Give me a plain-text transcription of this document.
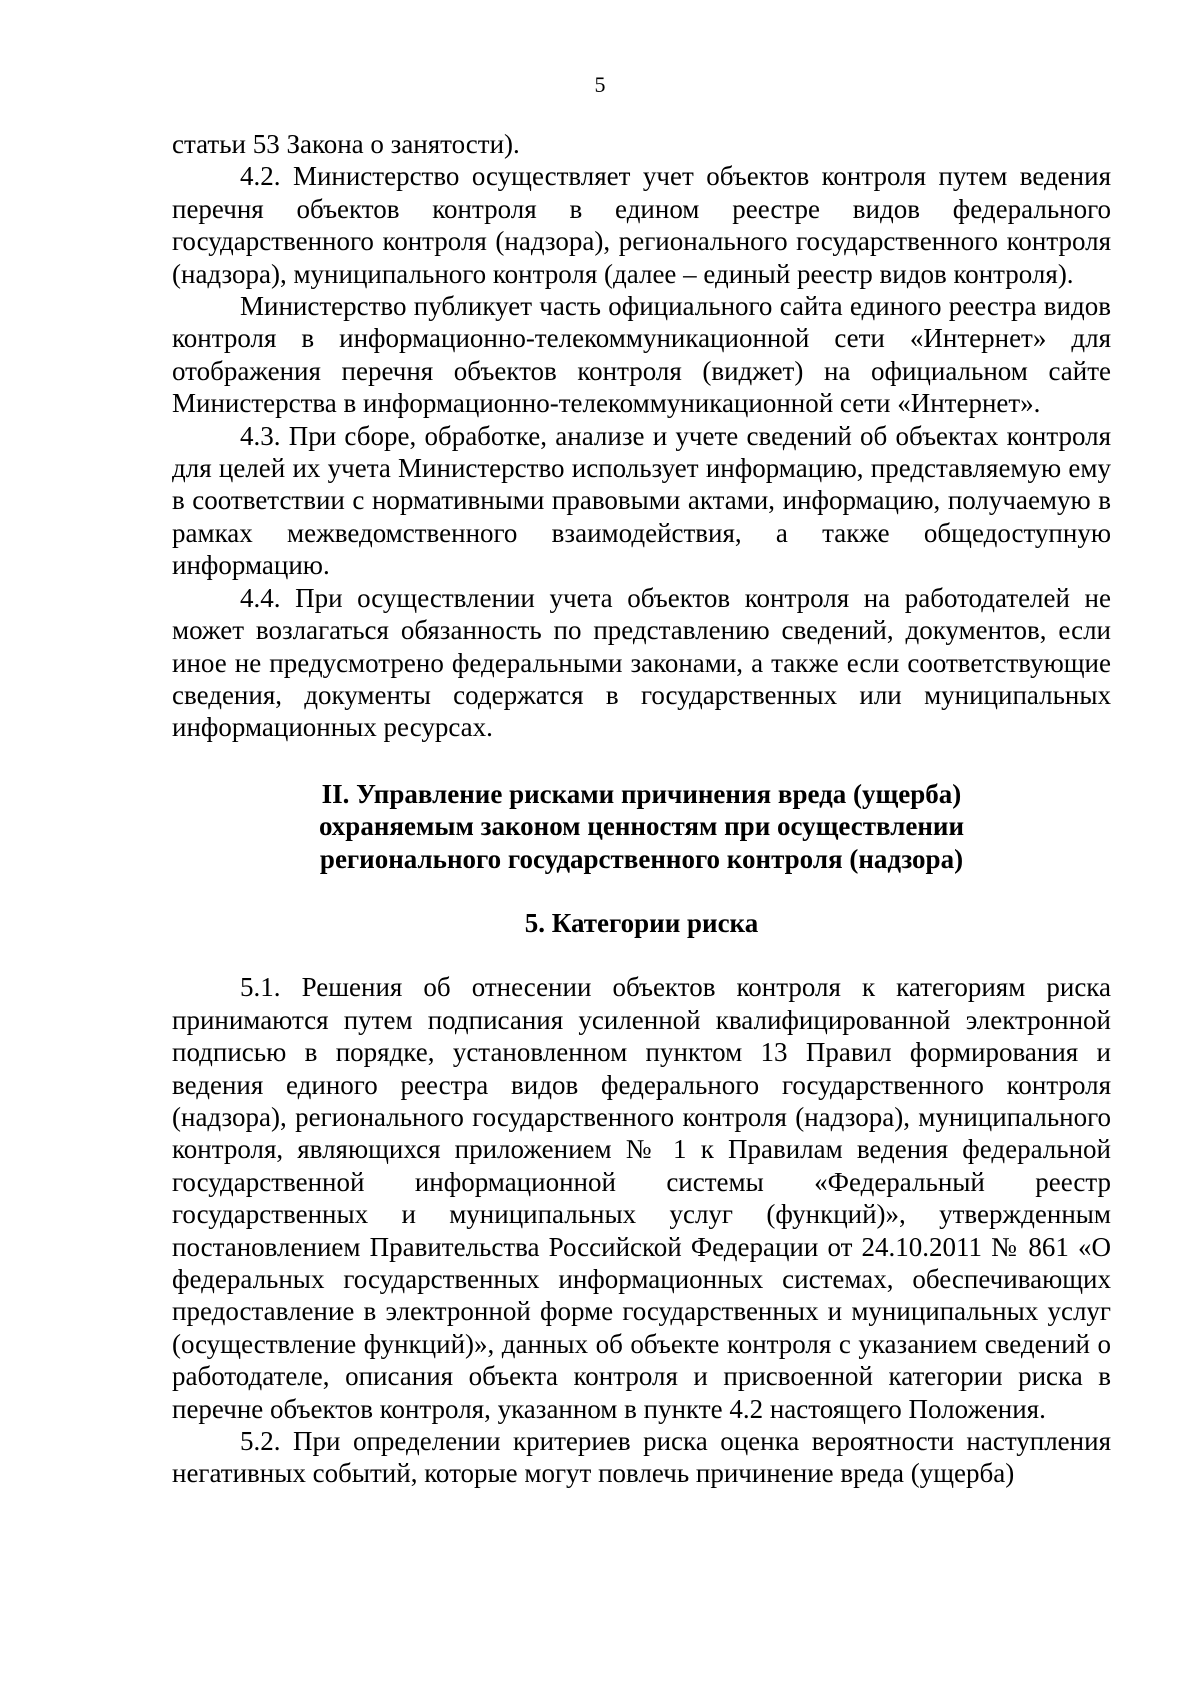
5

статьи 53 Закона о занятости).

4.2. Министерство осуществляет учет объектов контроля путем ведения перечня объектов контроля в едином реестре видов федерального государственного контроля (надзора), регионального государственного контроля (надзора), муниципального контроля (далее – единый реестр видов контроля).

Министерство публикует часть официального сайта единого реестра видов контроля в информационно-телекоммуникационной сети «Интернет» для отображения перечня объектов контроля (виджет) на официальном сайте Министерства в информационно-телекоммуникационной сети «Интернет».

4.3. При сборе, обработке, анализе и учете сведений об объектах контроля для целей их учета Министерство использует информацию, представляемую ему в соответствии с нормативными правовыми актами, информацию, получаемую в рамках межведомственного взаимодействия, а также общедоступную информацию.

4.4. При осуществлении учета объектов контроля на работодателей не может возлагаться обязанность по представлению сведений, документов, если иное не предусмотрено федеральными законами, а также если соответствующие сведения, документы содержатся в государственных или муниципальных информационных ресурсах.

II. Управление рисками причинения вреда (ущерба)
охраняемым законом ценностям при осуществлении
регионального государственного контроля (надзора)
5. Категории риска

5.1. Решения об отнесении объектов контроля к категориям риска принимаются путем подписания усиленной квалифицированной электронной подписью в порядке, установленном пунктом 13 Правил формирования и ведения единого реестра видов федерального государственного контроля (надзора), регионального государственного контроля (надзора), муниципального контроля, являющихся приложением № 1 к Правилам ведения федеральной государственной информационной системы «Федеральный реестр государственных и муниципальных услуг (функций)», утвержденным постановлением Правительства Российской Федерации от 24.10.2011 № 861 «О федеральных государственных информационных системах, обеспечивающих предоставление в электронной форме государственных и муниципальных услуг (осуществление функций)», данных об объекте контроля с указанием сведений о работодателе, описания объекта контроля и присвоенной категории риска в перечне объектов контроля, указанном в пункте 4.2 настоящего Положения.

5.2. При определении критериев риска оценка вероятности наступления негативных событий, которые могут повлечь причинение вреда (ущерба)
